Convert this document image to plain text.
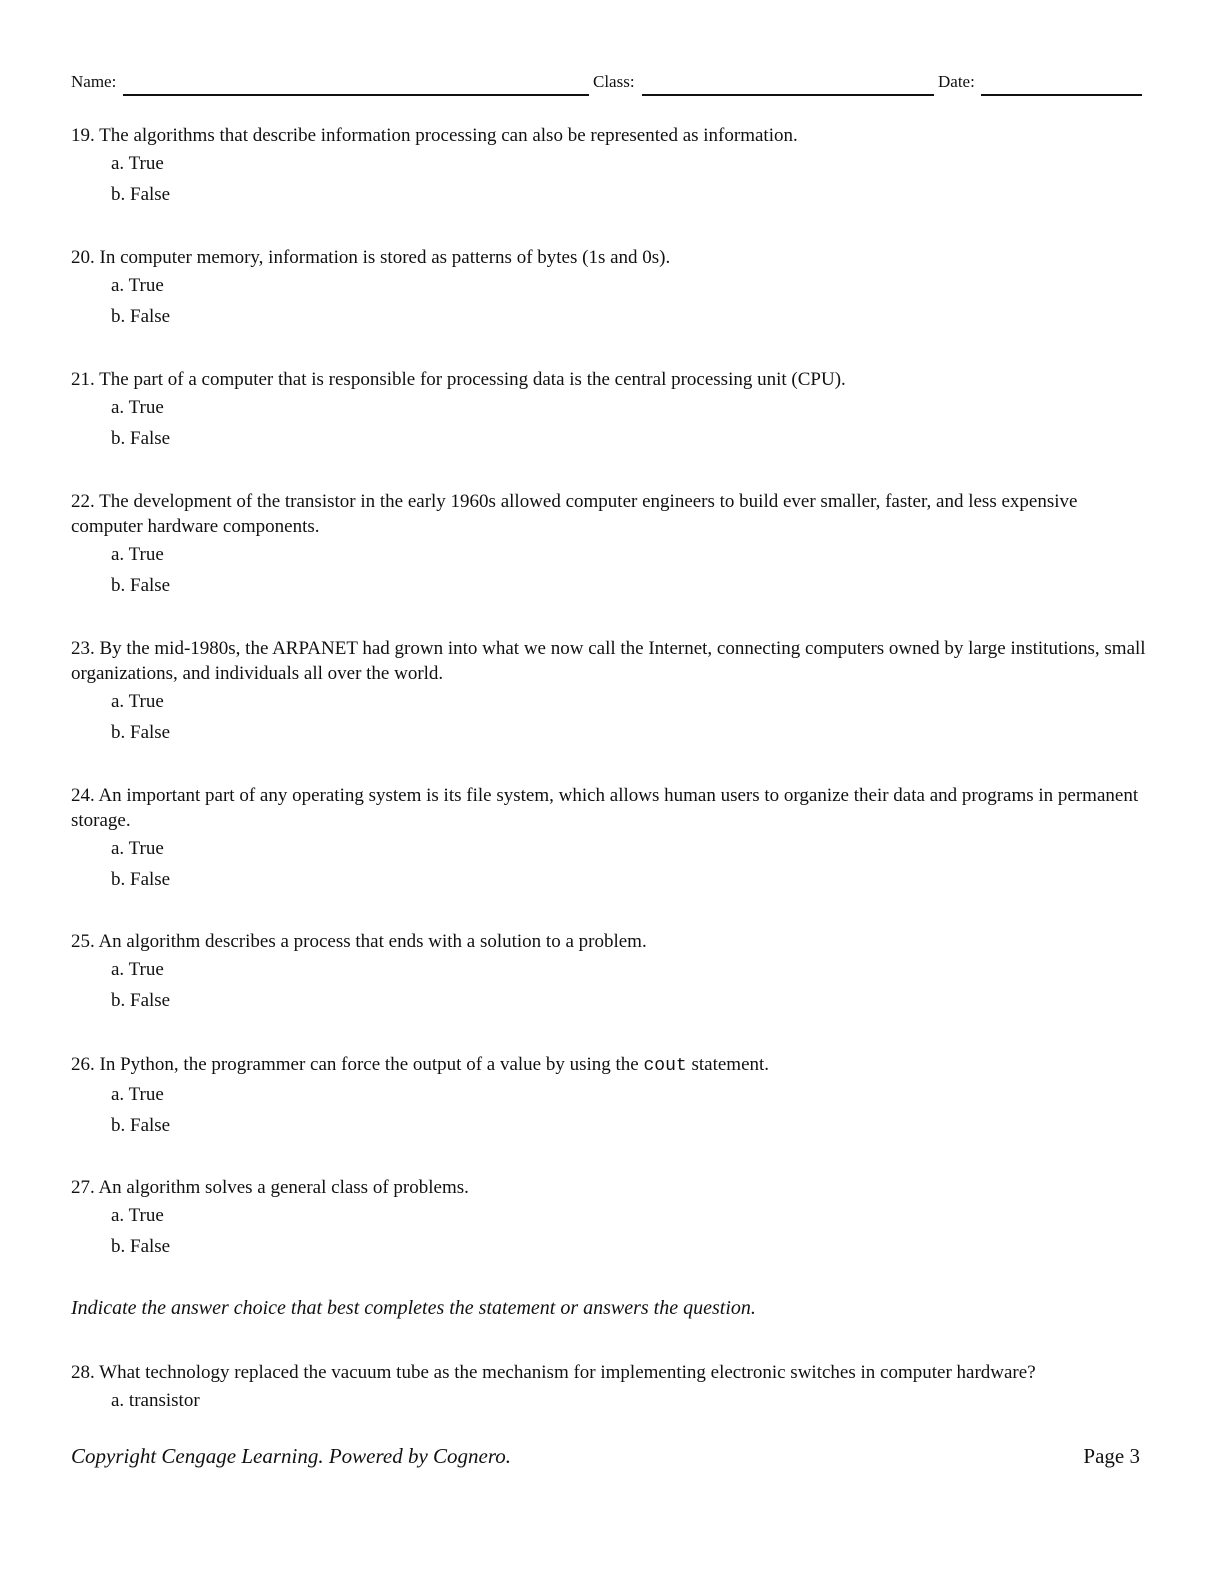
Name:	Class:	Date:

19. The algorithms that describe information processing can also be represented as information.

a. True
b. False

20. In computer memory, information is stored as patterns of bytes (1s and 0s).

a. True
b. False

21. The part of a computer that is responsible for processing data is the central processing unit (CPU).

a. True
b. False

22. The development of the transistor in the early 1960s allowed computer engineers to build ever smaller, faster, and less expensive computer hardware components.

a. True
b. False

23. By the mid-1980s, the ARPANET had grown into what we now call the Internet, connecting computers owned by large institutions, small organizations, and individuals all over the world.

a. True
b. False

24. An important part of any operating system is its file system, which allows human users to organize their data and programs in permanent storage.

a. True
b. False

25. An algorithm describes a process that ends with a solution to a problem.

a. True
b. False

26. In Python, the programmer can force the output of a value by using the cout statement.

a. True
b. False

27. An algorithm solves a general class of problems.

a. True
b. False
Indicate the answer choice that best completes the statement or answers the question.

28. What technology replaced the vacuum tube as the mechanism for implementing electronic switches in computer hardware?

a. transistor
Copyright Cengage Learning. Powered by Cognero.	Page 3
